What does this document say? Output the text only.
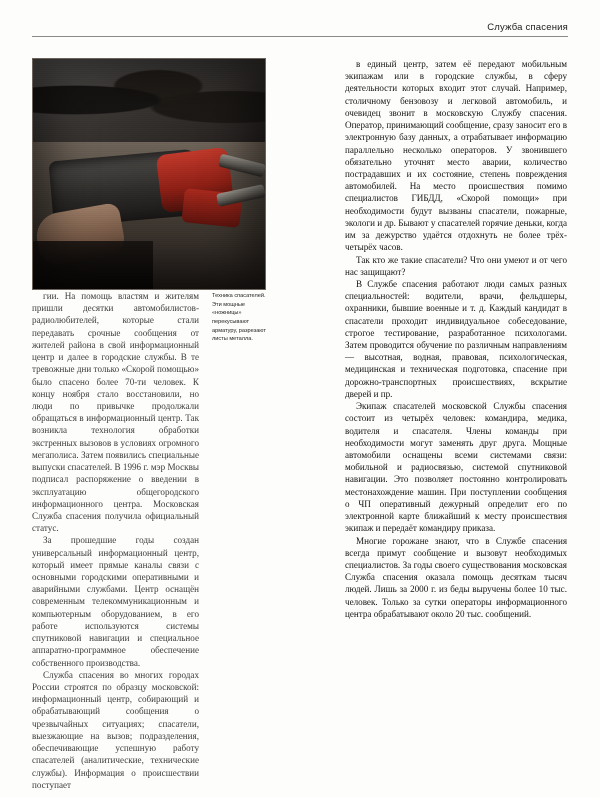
Служба спасения
Техника спасателей. Эти мощные «ножницы» перекусывают арматуру, разрезают листы металла.

гии. На помощь властям и жителям пришли десятки автомобилистов-радиолюбителей, которые стали передавать срочные сообщения от жителей района в свой информационный центр и далее в городские службы. В те тревожные дни только «Скорой помощью» было спасено более 70-ти человек. К концу ноября стало восстановили, но люди по привычке продолжали обращаться в информационный центр. Так возникла технология обработки экстренных вызовов в условиях огромного мегаполиса. Затем появились специальные выпуски спасателей. В 1996 г. мэр Москвы подписал распоряжение о введении в эксплуатацию общегородского информационного центра. Московская Служба спасения получила официальный статус.

За прошедшие годы создан универсальный информационный центр, который имеет прямые каналы связи с основными городскими оперативными и аварийными службами. Центр оснащён современным телекоммуникационным и компьютерным оборудованием, в его работе используются системы спутниковой навигации и специальное аппаратно-программное обеспечение собственного производства.

Служба спасения во многих городах России строятся по образцу московской: информационный центр, собирающий и обрабатывающий сообщения о чрезвычайных ситуациях; спасатели, выезжающие на вызов; подразделения, обеспечивающие успешную работу спасателей (аналитические, технические службы). Информация о происшествии поступает

в единый центр, затем её передают мобильным экипажам или в городские службы, в сферу деятельности которых входит этот случай. Например, столичному бензовозу и легковой автомобиль, и очевидец звонит в московскую Службу спасения. Оператор, принимающий сообщение, сразу заносит его в электронную базу данных, а отрабатывает информацию параллельно несколько операторов. У звонившего обязательно уточнят место аварии, количество пострадавших и их состояние, степень повреждения автомобилей. На место происшествия помимо специалистов ГИБДД, «Скорой помощи» при необходимости будут вызваны спасатели, пожарные, экологи и др. Бывают у спасателей горячие деньки, когда им за дежурство удаётся отдохнуть не более трёх-четырёх часов.

Так кто же такие спасатели? Что они умеют и от чего нас защищают?

В Службе спасения работают люди самых разных специальностей: водители, врачи, фельдшеры, охранники, бывшие военные и т. д. Каждый кандидат в спасатели проходит индивидуальное собеседование, строгое тестирование, разработанное психологами. Затем проводится обучение по различным направлениям — высотная, водная, правовая, психологическая, медицинская и техническая подготовка, спасение при дорожно-транспортных происшествиях, вскрытие дверей и пр.

Экипаж спасателей московской Службы спасения состоит из четырёх человек: командира, медика, водителя и спасателя. Члены команды при необходимости могут заменять друг друга. Мощные автомобили оснащены всеми системами связи: мобильной и радиосвязью, системой спутниковой навигации. Это позволяет постоянно контролировать местонахождение машин. При поступлении сообщения о ЧП оперативный дежурный определит его по электронной карте ближайший к месту происшествия экипаж и передаёт командиру приказа.

Многие горожане знают, что в Службе спасения всегда примут сообщение и вызовут необходимых специалистов. За годы своего существования московская Служба спасения оказала помощь десяткам тысяч людей. Лишь за 2000 г. из беды выручены более 10 тыс. человек. Только за сутки операторы информационного центра обрабатывают около 20 тыс. сообщений.
